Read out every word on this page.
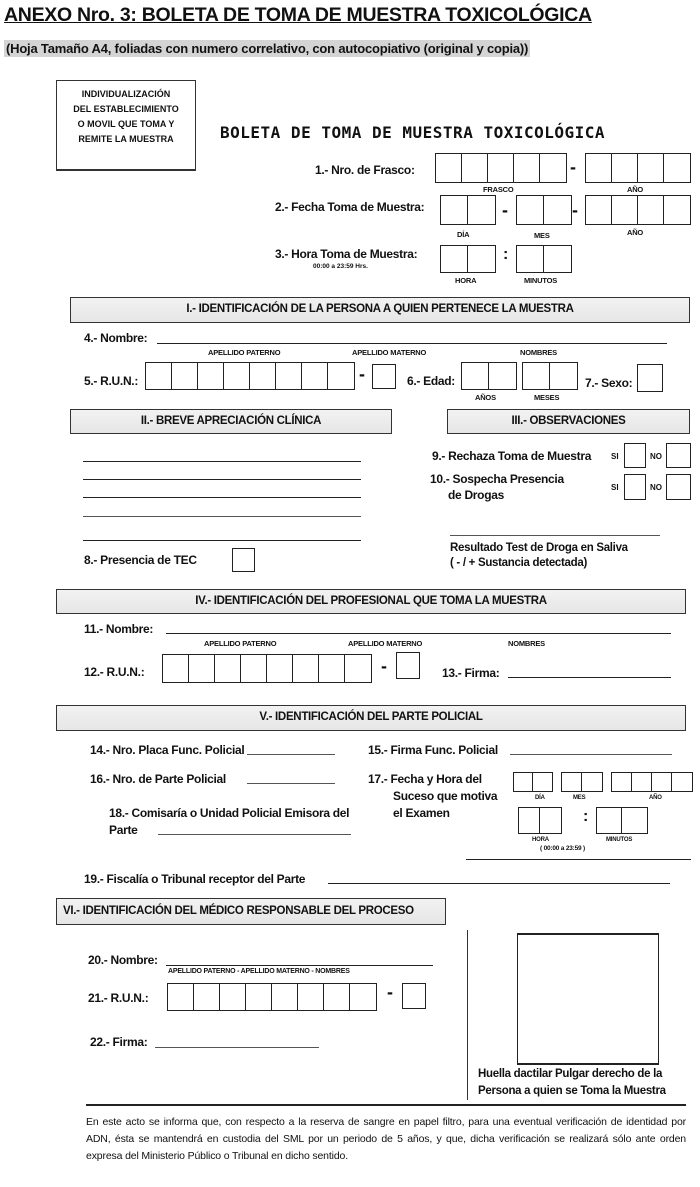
ANEXO Nro. 3: BOLETA DE TOMA DE MUESTRA TOXICOLÓGICA
(Hoja Tamaño A4, foliadas con numero correlativo, con autocopiativo (original y copia))
INDIVIDUALIZACIÓN
DEL ESTABLECIMIENTO
O MOVIL QUE TOMA Y
REMITE LA MUESTRA	BOLETA DE TOMA DE MUESTRA TOXICOLÓGICA
1.- Nro. de Frasco:	-
FRASCO	AÑO
2.- Fecha Toma de Muestra:	-	-
DÍA	MES	AÑO
3.- Hora Toma de Muestra:
00:00 a 23:59 Hrs.
:
HORA	MINUTOS
I.- IDENTIFICACIÓN DE LA PERSONA A QUIEN PERTENECE LA MUESTRA
4.- Nombre:
APELLIDO PATERNO	APELLIDO MATERNO	NOMBRES
5.- R.U.N.:	-	6.- Edad:
AÑOS	MESES
7.- Sexo:
II.- BREVE APRECIACIÓN CLÍNICA
8.- Presencia de TEC
III.- OBSERVACIONES
9.- Rechaza Toma de Muestra SI	NO
10.- Sospecha Presencia
de Drogas
SI	NO
Resultado Test de Droga en Saliva
( - / + Sustancia detectada)
IV.- IDENTIFICACIÓN DEL PROFESIONAL QUE TOMA LA MUESTRA
11.- Nombre:
APELLIDO PATERNO	APELLIDO MATERNO	NOMBRES
12.- R.U.N.:	-	13.- Firma:
V.- IDENTIFICACIÓN DEL PARTE POLICIAL
14.- Nro. Placa Func. Policial	15.- Firma Func. Policial
16.- Nro. de Parte Policial	17.- Fecha y Hora del
Suceso que motiva
el Examen
DÍA	MES	AÑO
:
HORA	MINUTOS
( 00:00 a 23:59 )
18.- Comisaría o Unidad Policial Emisora del
Parte
19.- Fiscalía o Tribunal receptor del Parte
VI.- IDENTIFICACIÓN DEL MÉDICO RESPONSABLE DEL PROCESO
20.- Nombre:
APELLIDO PATERNO - APELLIDO MATERNO - NOMBRES
21.- R.U.N.:	-
22.- Firma:
Huella dactilar Pulgar derecho de la
Persona a quien se Toma la Muestra
En este acto se informa que, con respecto a la reserva de sangre en papel filtro, para una eventual verificación de identidad por ADN, ésta se mantendrá en custodia del SML por un periodo de 5 años, y que, dicha verificación se realizará sólo ante orden expresa del Ministerio Público o Tribunal en dicho sentido.
